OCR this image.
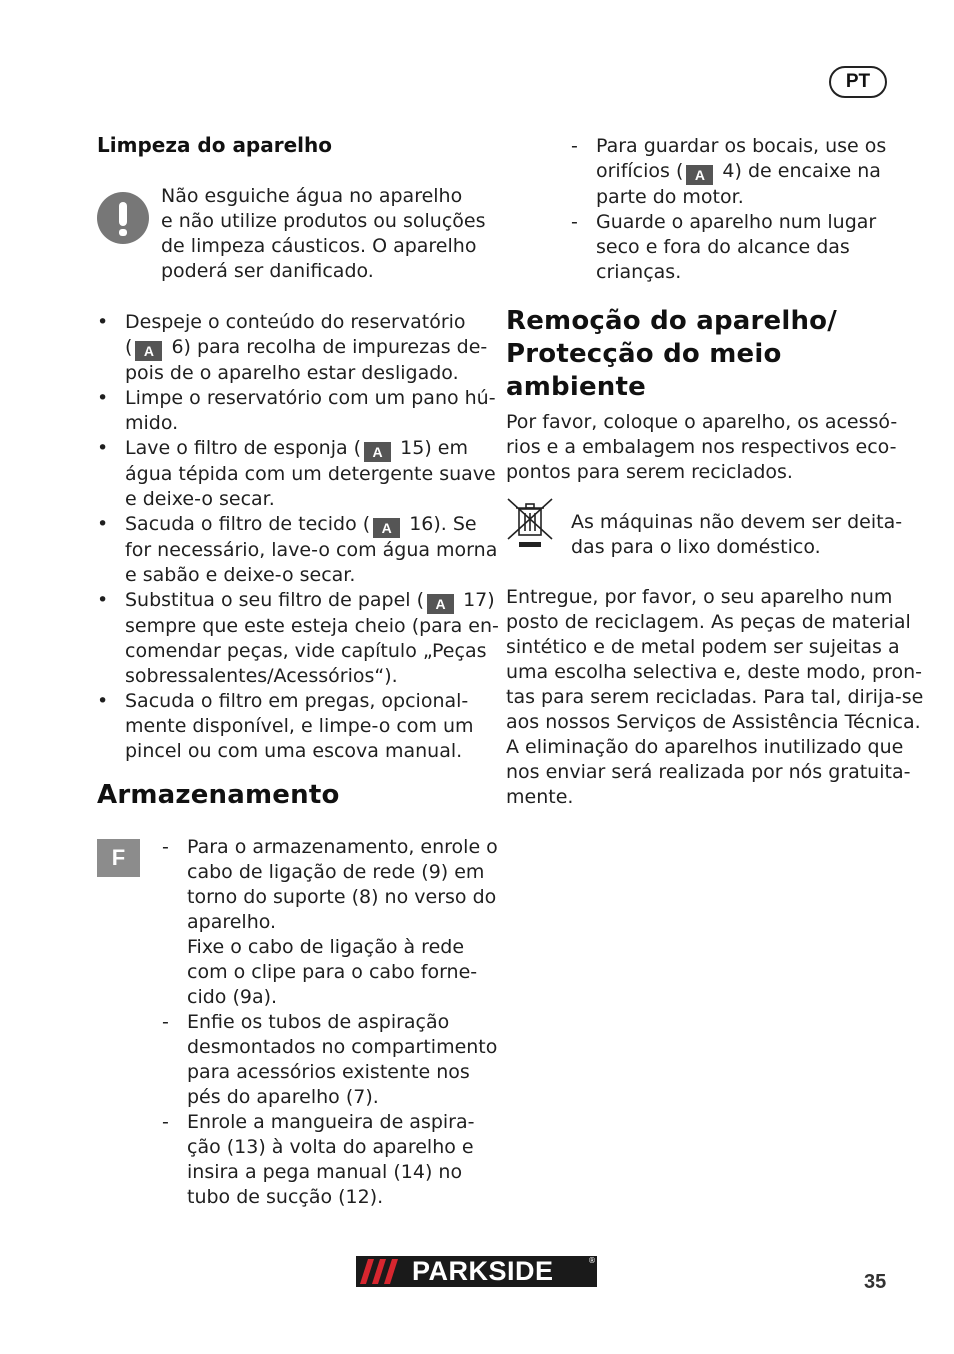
PT
Limpeza do aparelho
Não esguiche água no aparelho
e não utilize produtos ou soluções
de limpeza cáusticos. O aparelho
poderá ser danificado.
• Despeje o conteúdo do reservatório
( A 6) para recolha de impurezas de-
pois de o aparelho estar desligado.
• Limpe o reservatório com um pano hú-
mido.
• Lave o filtro de esponja ( A 15) em
água tépida com um detergente suave
e deixe-o secar.
• Sacuda o filtro de tecido ( A 16). Se
for necessário, lave-o com água morna
e sabão e deixe-o secar.
• Substitua o seu filtro de papel ( A 17)
sempre que este esteja cheio (para en-
comendar peças, vide capítulo „Peças
sobressalentes/Acessórios“).
• Sacuda o filtro em pregas, opcional-
mente disponível, e limpe-o com um
pincel ou com uma escova manual.
Armazenamento
F	- Para o armazenamento, enrole o
cabo de ligação de rede (9) em
torno do suporte (8) no verso do
aparelho.
Fixe o cabo de ligação à rede
com o clipe para o cabo forne-
cido (9a).
- Enfie os tubos de aspiração
desmontados no compartimento
para acessórios existente nos
pés do aparelho (7).
- Enrole a mangueira de aspira-
ção (13) à volta do aparelho e
insira a pega manual (14) no
tubo de sucção (12).
- Para guardar os bocais, use os
orifícios ( A 4) de encaixe na
parte do motor.
- Guarde o aparelho num lugar
seco e fora do alcance das
crianças.
Remoção do aparelho/
Protecção do meio
ambiente
Por favor, coloque o aparelho, os acessó-
rios e a embalagem nos respectivos eco-
pontos para serem reciclados.
As máquinas não devem ser deita-
das para o lixo doméstico.
Entregue, por favor, o seu aparelho num
posto de reciclagem. As peças de material
sintético e de metal podem ser sujeitas a
uma escolha selectiva e, deste modo, pron-
tas para serem recicladas. Para tal, dirija-se
aos nossos Serviços de Assistência Técnica.
A eliminação do aparelhos inutilizado que
nos enviar será realizada por nós gratuita-
mente.
PARKSIDE	®
35
